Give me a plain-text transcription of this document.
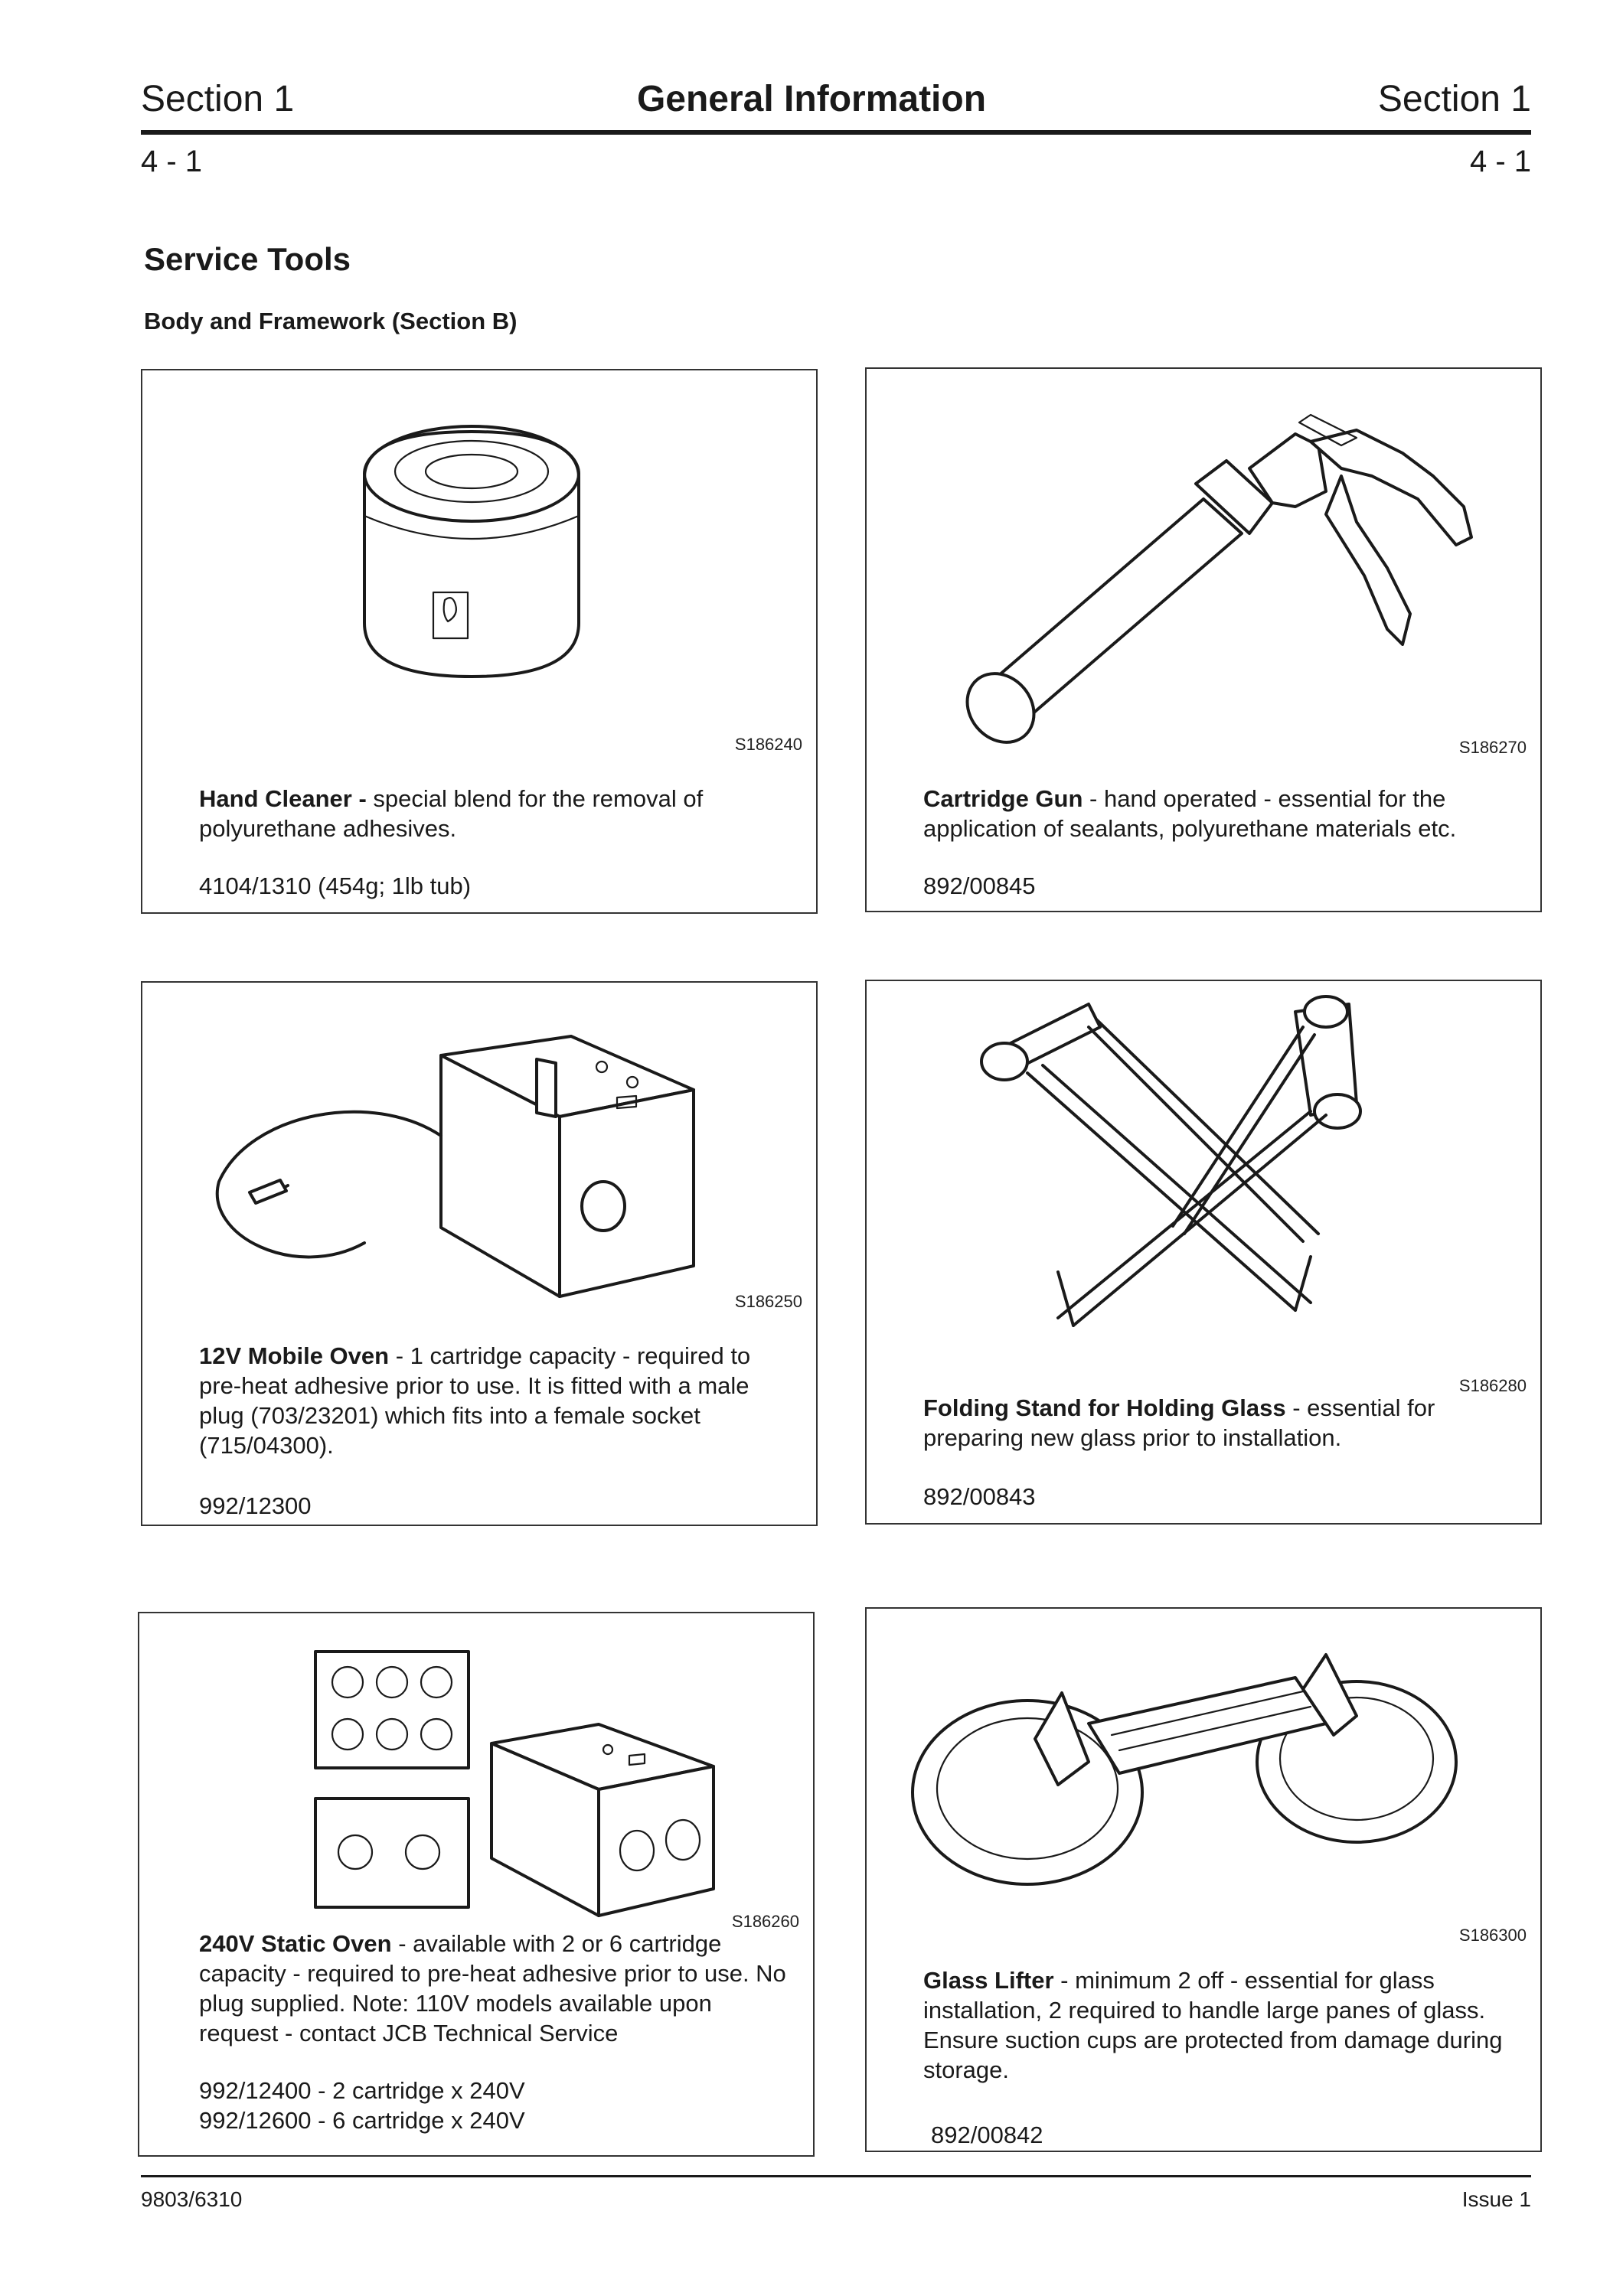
Section 1	General Information	Section 1
4 - 1	4 - 1
Service Tools
Body and Framework (Section B)
S186240
Hand Cleaner - special blend for the removal of polyurethane adhesives.
4104/1310 (454g; 1lb tub)
S186270
Cartridge Gun - hand operated - essential for the application of sealants, polyurethane materials etc.
892/00845
S186250
12V Mobile Oven - 1 cartridge capacity - required to pre-heat adhesive prior to use. It is fitted with a male plug (703/23201) which fits into a female socket (715/04300).
992/12300
S186280
Folding Stand for Holding Glass - essential for preparing new glass prior to installation.
892/00843
S186260
240V Static Oven - available with 2 or 6 cartridge capacity - required to pre-heat adhesive prior to use. No plug supplied. Note: 110V models available upon request - contact JCB Technical Service
992/12400 - 2 cartridge x 240V
992/12600 - 6 cartridge x 240V
S186300
Glass Lifter - minimum 2 off - essential for glass installation, 2 required to handle large panes of glass. Ensure suction cups are protected from damage during storage.
892/00842
9803/6310	Issue 1
